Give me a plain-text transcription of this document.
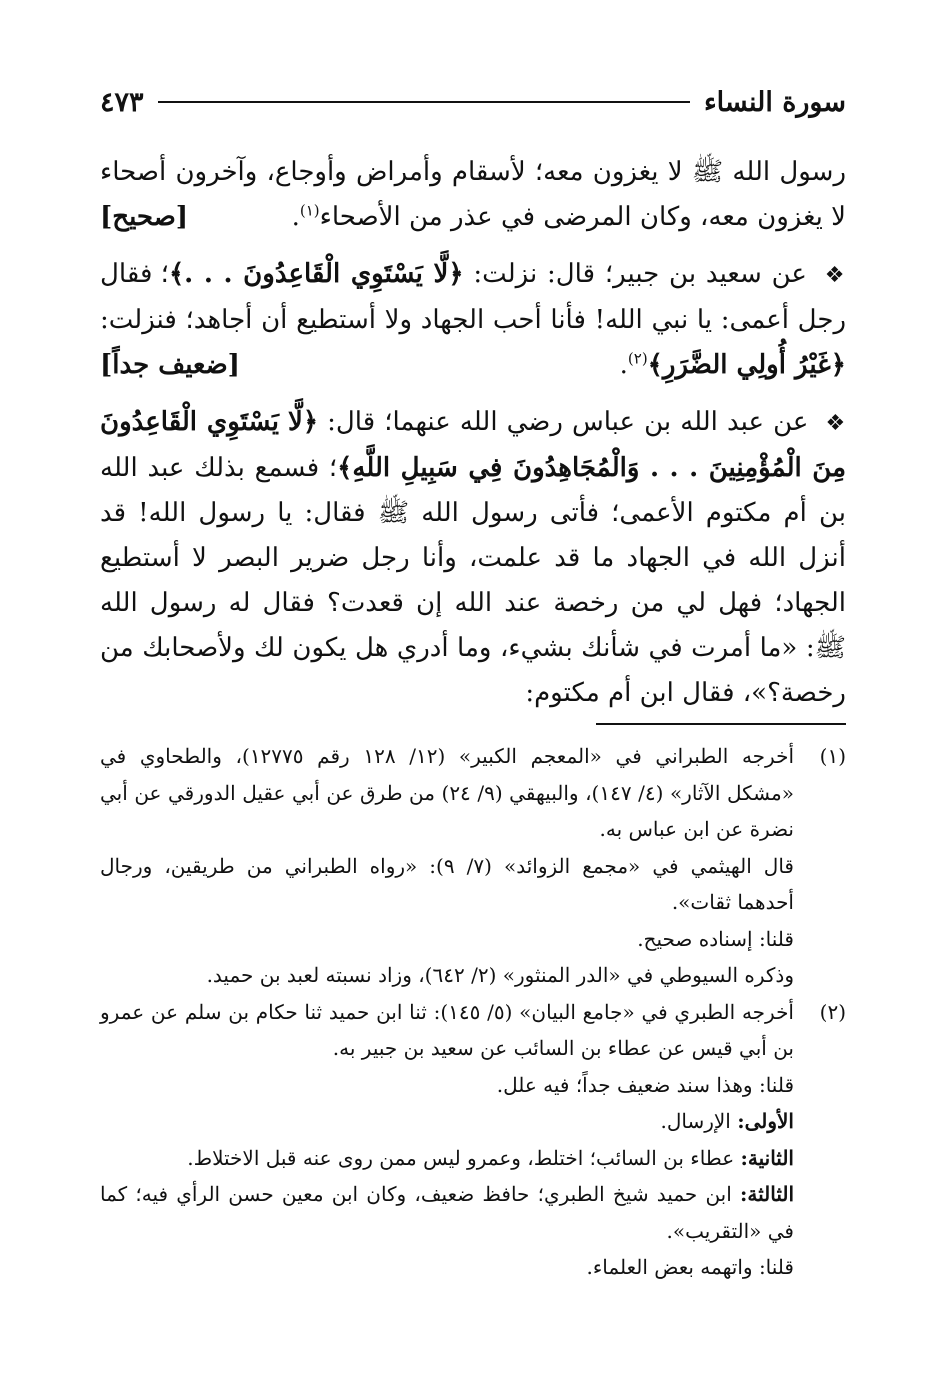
سورة النساء
٤٧٣

رسول الله ﷺ لا يغزون معه؛ لأسقام وأمراض وأوجاع، وآخرون أصحاء لا يغزون معه، وكان المرضى في عذر من الأصحاء$^{(١)}$.
[صحيح]

❖ عن سعيد بن جبير؛ قال: نزلت: ﴿لَّا يَسْتَوِي الْقَاعِدُونَ . . .﴾؛ فقال رجل أعمى: يا نبي الله! فأنا أحب الجهاد ولا أستطيع أن أجاهد؛ فنزلت: ﴿غَيْرُ أُولِي الضَّرَرِ﴾$^{(٢)}$.
[ضعيف جداً]

❖ عن عبد الله بن عباس رضي الله عنهما؛ قال: ﴿لَّا يَسْتَوِي الْقَاعِدُونَ مِنَ الْمُؤْمِنِينَ . . . وَالْمُجَاهِدُونَ فِي سَبِيلِ اللَّهِ﴾؛ فسمع بذلك عبد الله بن أم مكتوم الأعمى؛ فأتى رسول الله ﷺ فقال: يا رسول الله! قد أنزل الله في الجهاد ما قد علمت، وأنا رجل ضرير البصر لا أستطيع الجهاد؛ فهل لي من رخصة عند الله إن قعدت؟ فقال له رسول الله ﷺ: «ما أمرت في شأنك بشيء، وما أدري هل يكون لك ولأصحابك من رخصة؟»، فقال ابن أم مكتوم:

(١)

أخرجه الطبراني في «المعجم الكبير» (١٢/ ١٢٨ رقم ١٢٧٧٥)، والطحاوي في «مشكل الآثار» (٤/ ١٤٧)، والبيهقي (٩/ ٢٤) من طرق عن أبي عقيل الدورقي عن أبي نضرة عن ابن عباس به.

قال الهيثمي في «مجمع الزوائد» (٧/ ٩): «رواه الطبراني من طريقين، ورجال أحدهما ثقات».

قلنا: إسناده صحيح.

وذكره السيوطي في «الدر المنثور» (٢/ ٦٤٢)، وزاد نسبته لعبد بن حميد.

(٢)

أخرجه الطبري في «جامع البيان» (٥/ ١٤٥): ثنا ابن حميد ثنا حكام بن سلم عن عمرو بن أبي قيس عن عطاء بن السائب عن سعيد بن جبير به.

قلنا: وهذا سند ضعيف جداً؛ فيه علل.

الأولى: الإرسال.

الثانية: عطاء بن السائب؛ اختلط، وعمرو ليس ممن روى عنه قبل الاختلاط.

الثالثة: ابن حميد شيخ الطبري؛ حافظ ضعيف، وكان ابن معين حسن الرأي فيه؛ كما في «التقريب».

قلنا: واتهمه بعض العلماء.
